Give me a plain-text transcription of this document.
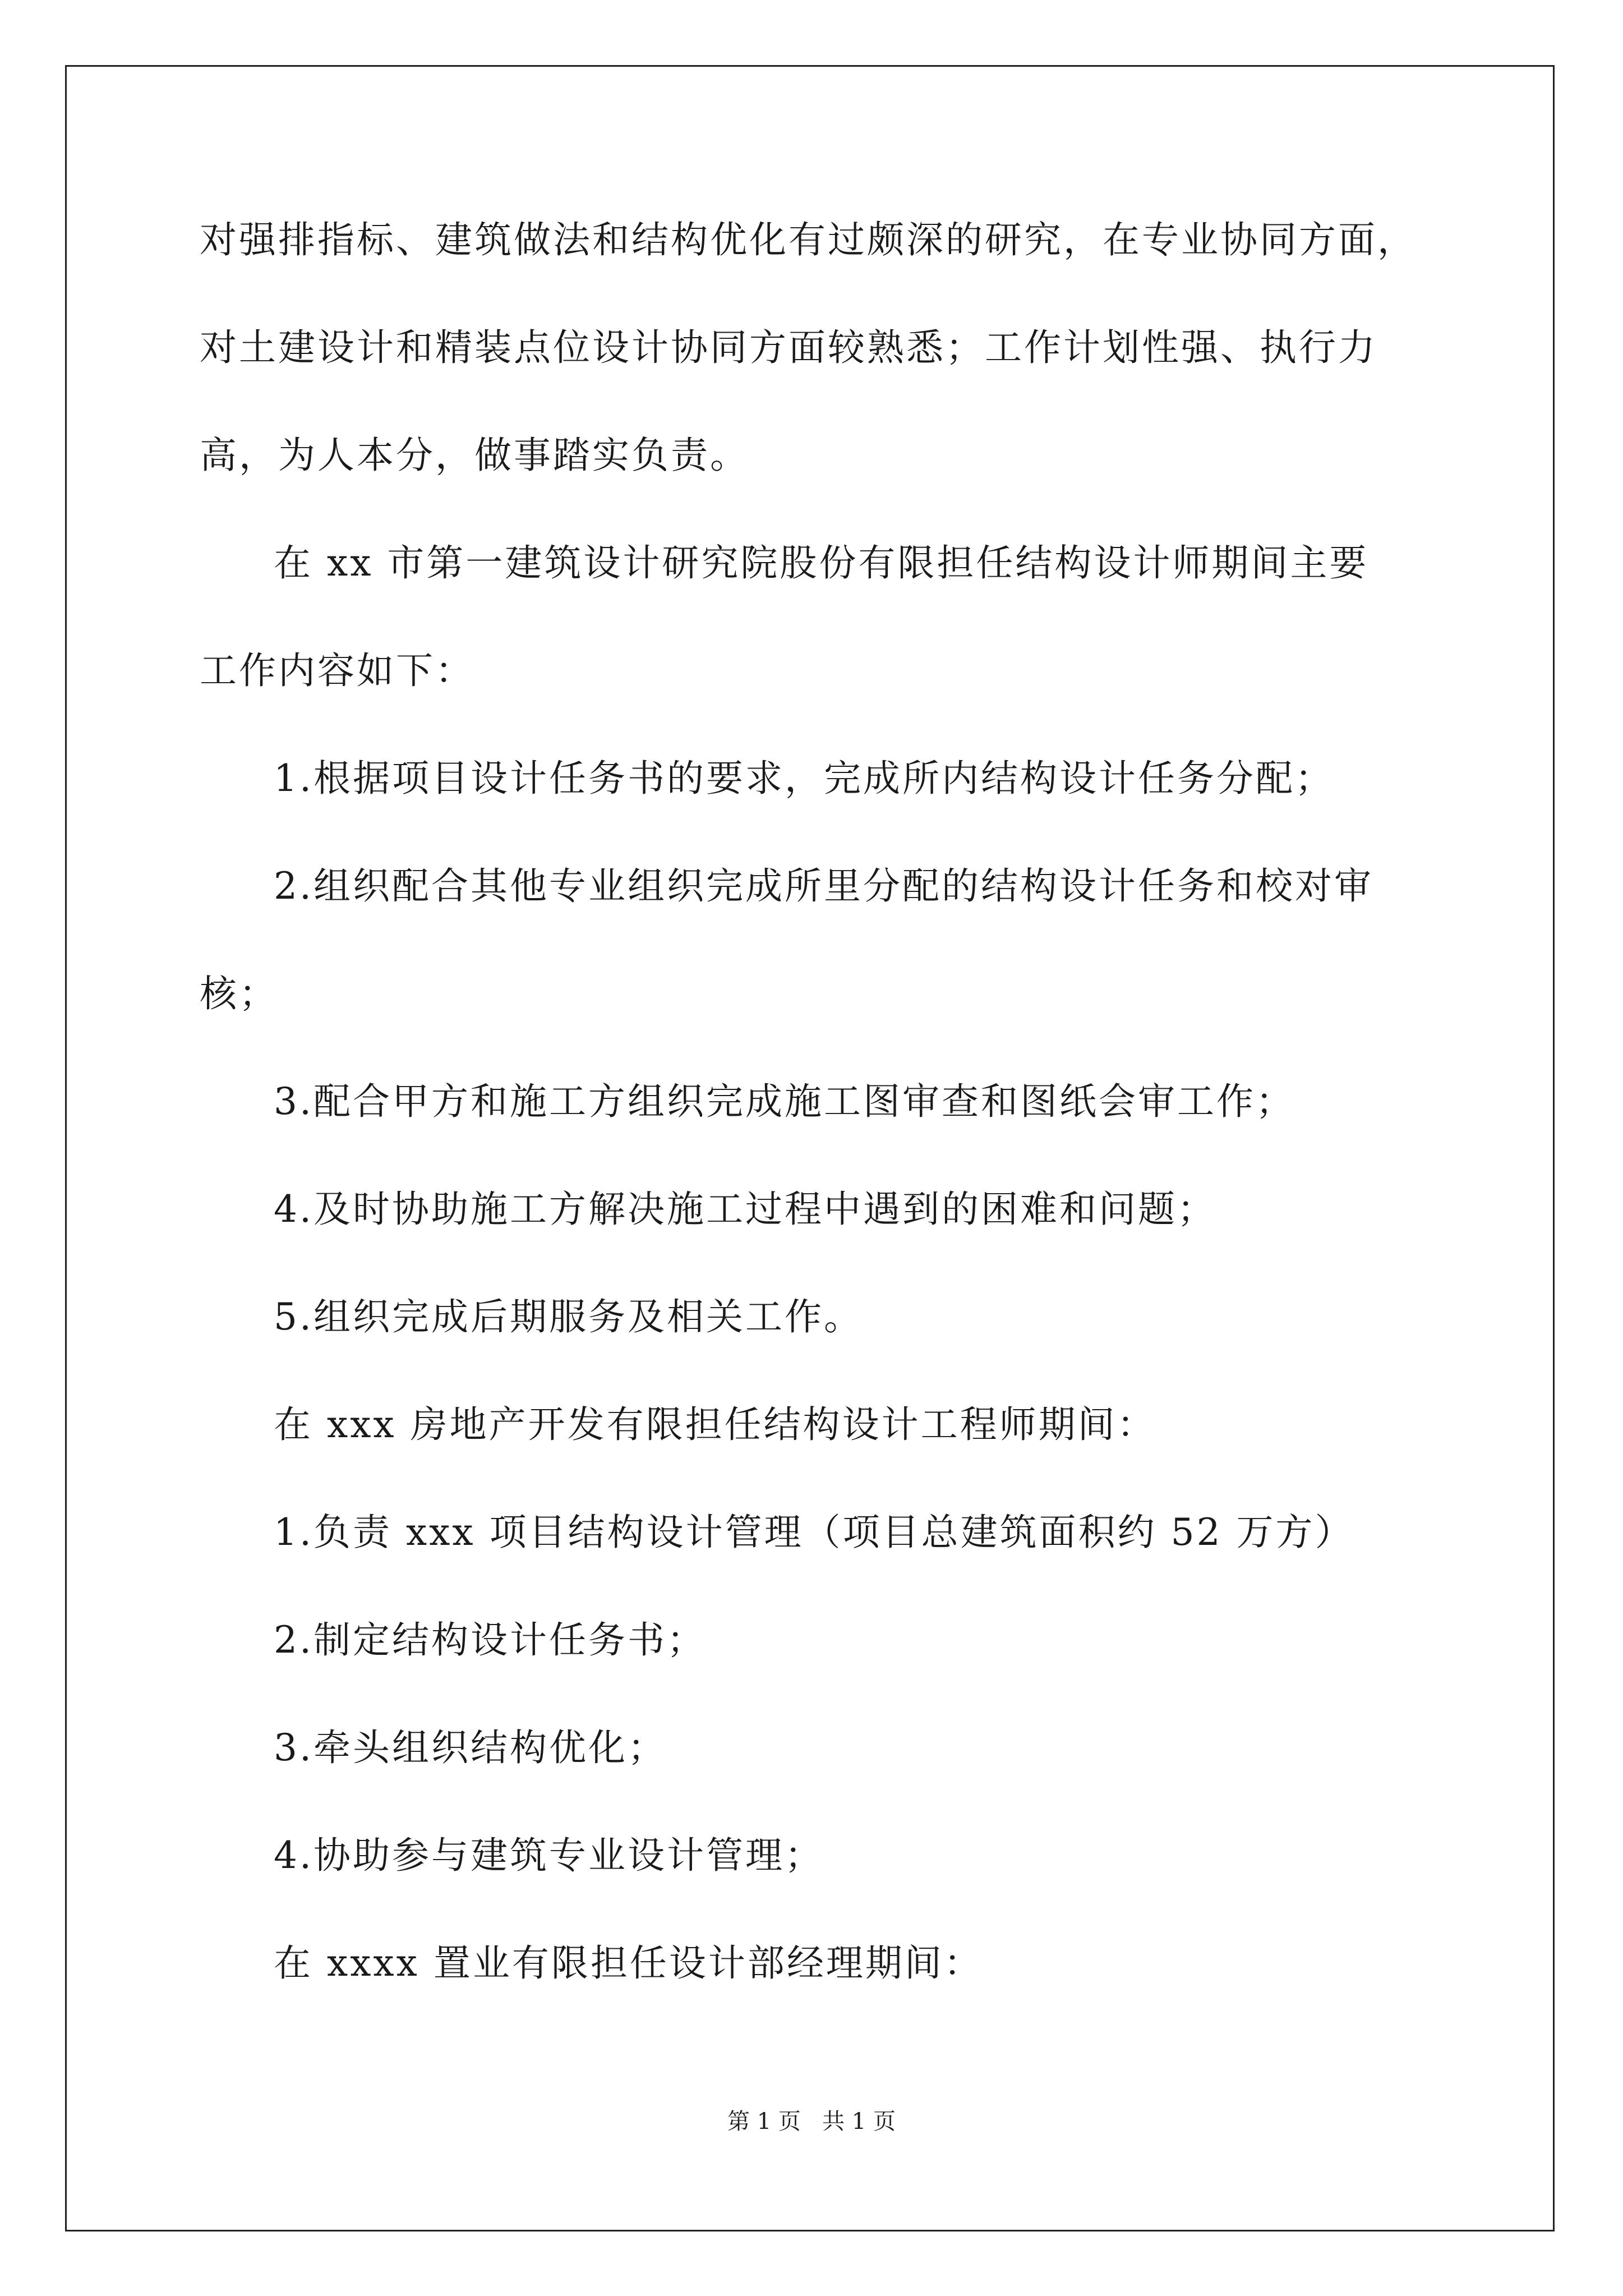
对强排指标、建筑做法和结构优化有过颇深的研究，在专业协同方面，
对土建设计和精装点位设计协同方面较熟悉；工作计划性强、执行力
高，为人本分，做事踏实负责。
在 xx 市第一建筑设计研究院股份有限担任结构设计师期间主要
工作内容如下：
1.根据项目设计任务书的要求，完成所内结构设计任务分配；
2.组织配合其他专业组织完成所里分配的结构设计任务和校对审
核；
3.配合甲方和施工方组织完成施工图审查和图纸会审工作；
4.及时协助施工方解决施工过程中遇到的困难和问题；
5.组织完成后期服务及相关工作。
在 xxx 房地产开发有限担任结构设计工程师期间：
1.负责 xxx 项目结构设计管理（项目总建筑面积约 52 万方）
2.制定结构设计任务书；
3.牵头组织结构优化；
4.协助参与建筑专业设计管理；
在 xxxx 置业有限担任设计部经理期间：
第 1 页   共 1 页
